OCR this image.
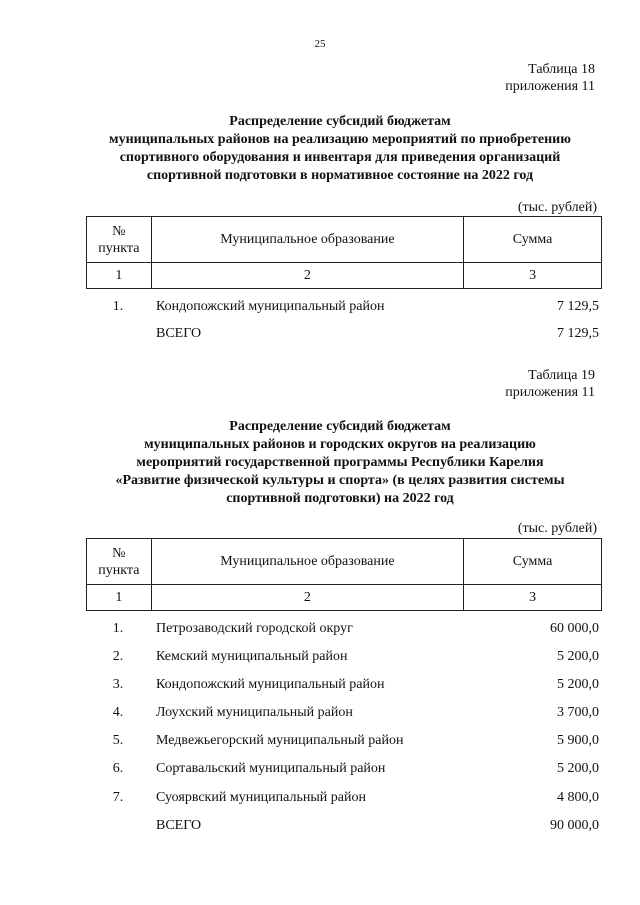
25
Таблица 18
приложения 11
Распределение субсидий бюджетам
муниципальных районов на реализацию мероприятий по приобретению
спортивного оборудования и инвентаря для приведения организаций
спортивной подготовки в нормативное состояние на 2022 год
(тыс. рублей)
№
пункта	Муниципальное образование	Сумма
1	2	3
1.	Кондопожский муниципальный район	7 129,5
ВСЕГО	7 129,5
Таблица 19
приложения 11
Распределение субсидий бюджетам
муниципальных районов и городских округов на реализацию
мероприятий государственной программы Республики Карелия
«Развитие физической культуры и спорта» (в целях развития системы
спортивной подготовки) на 2022 год
(тыс. рублей)
№
пункта	Муниципальное образование	Сумма
1	2	3
1.	Петрозаводский городской округ	60 000,0
2.	Кемский муниципальный район	5 200,0
3.	Кондопожский муниципальный район	5 200,0
4.	Лоухский муниципальный район	3 700,0
5.	Медвежьегорский муниципальный район	5 900,0
6.	Сортавальский муниципальный район	5 200,0
7.	Суоярвский муниципальный район	4 800,0
ВСЕГО	90 000,0
